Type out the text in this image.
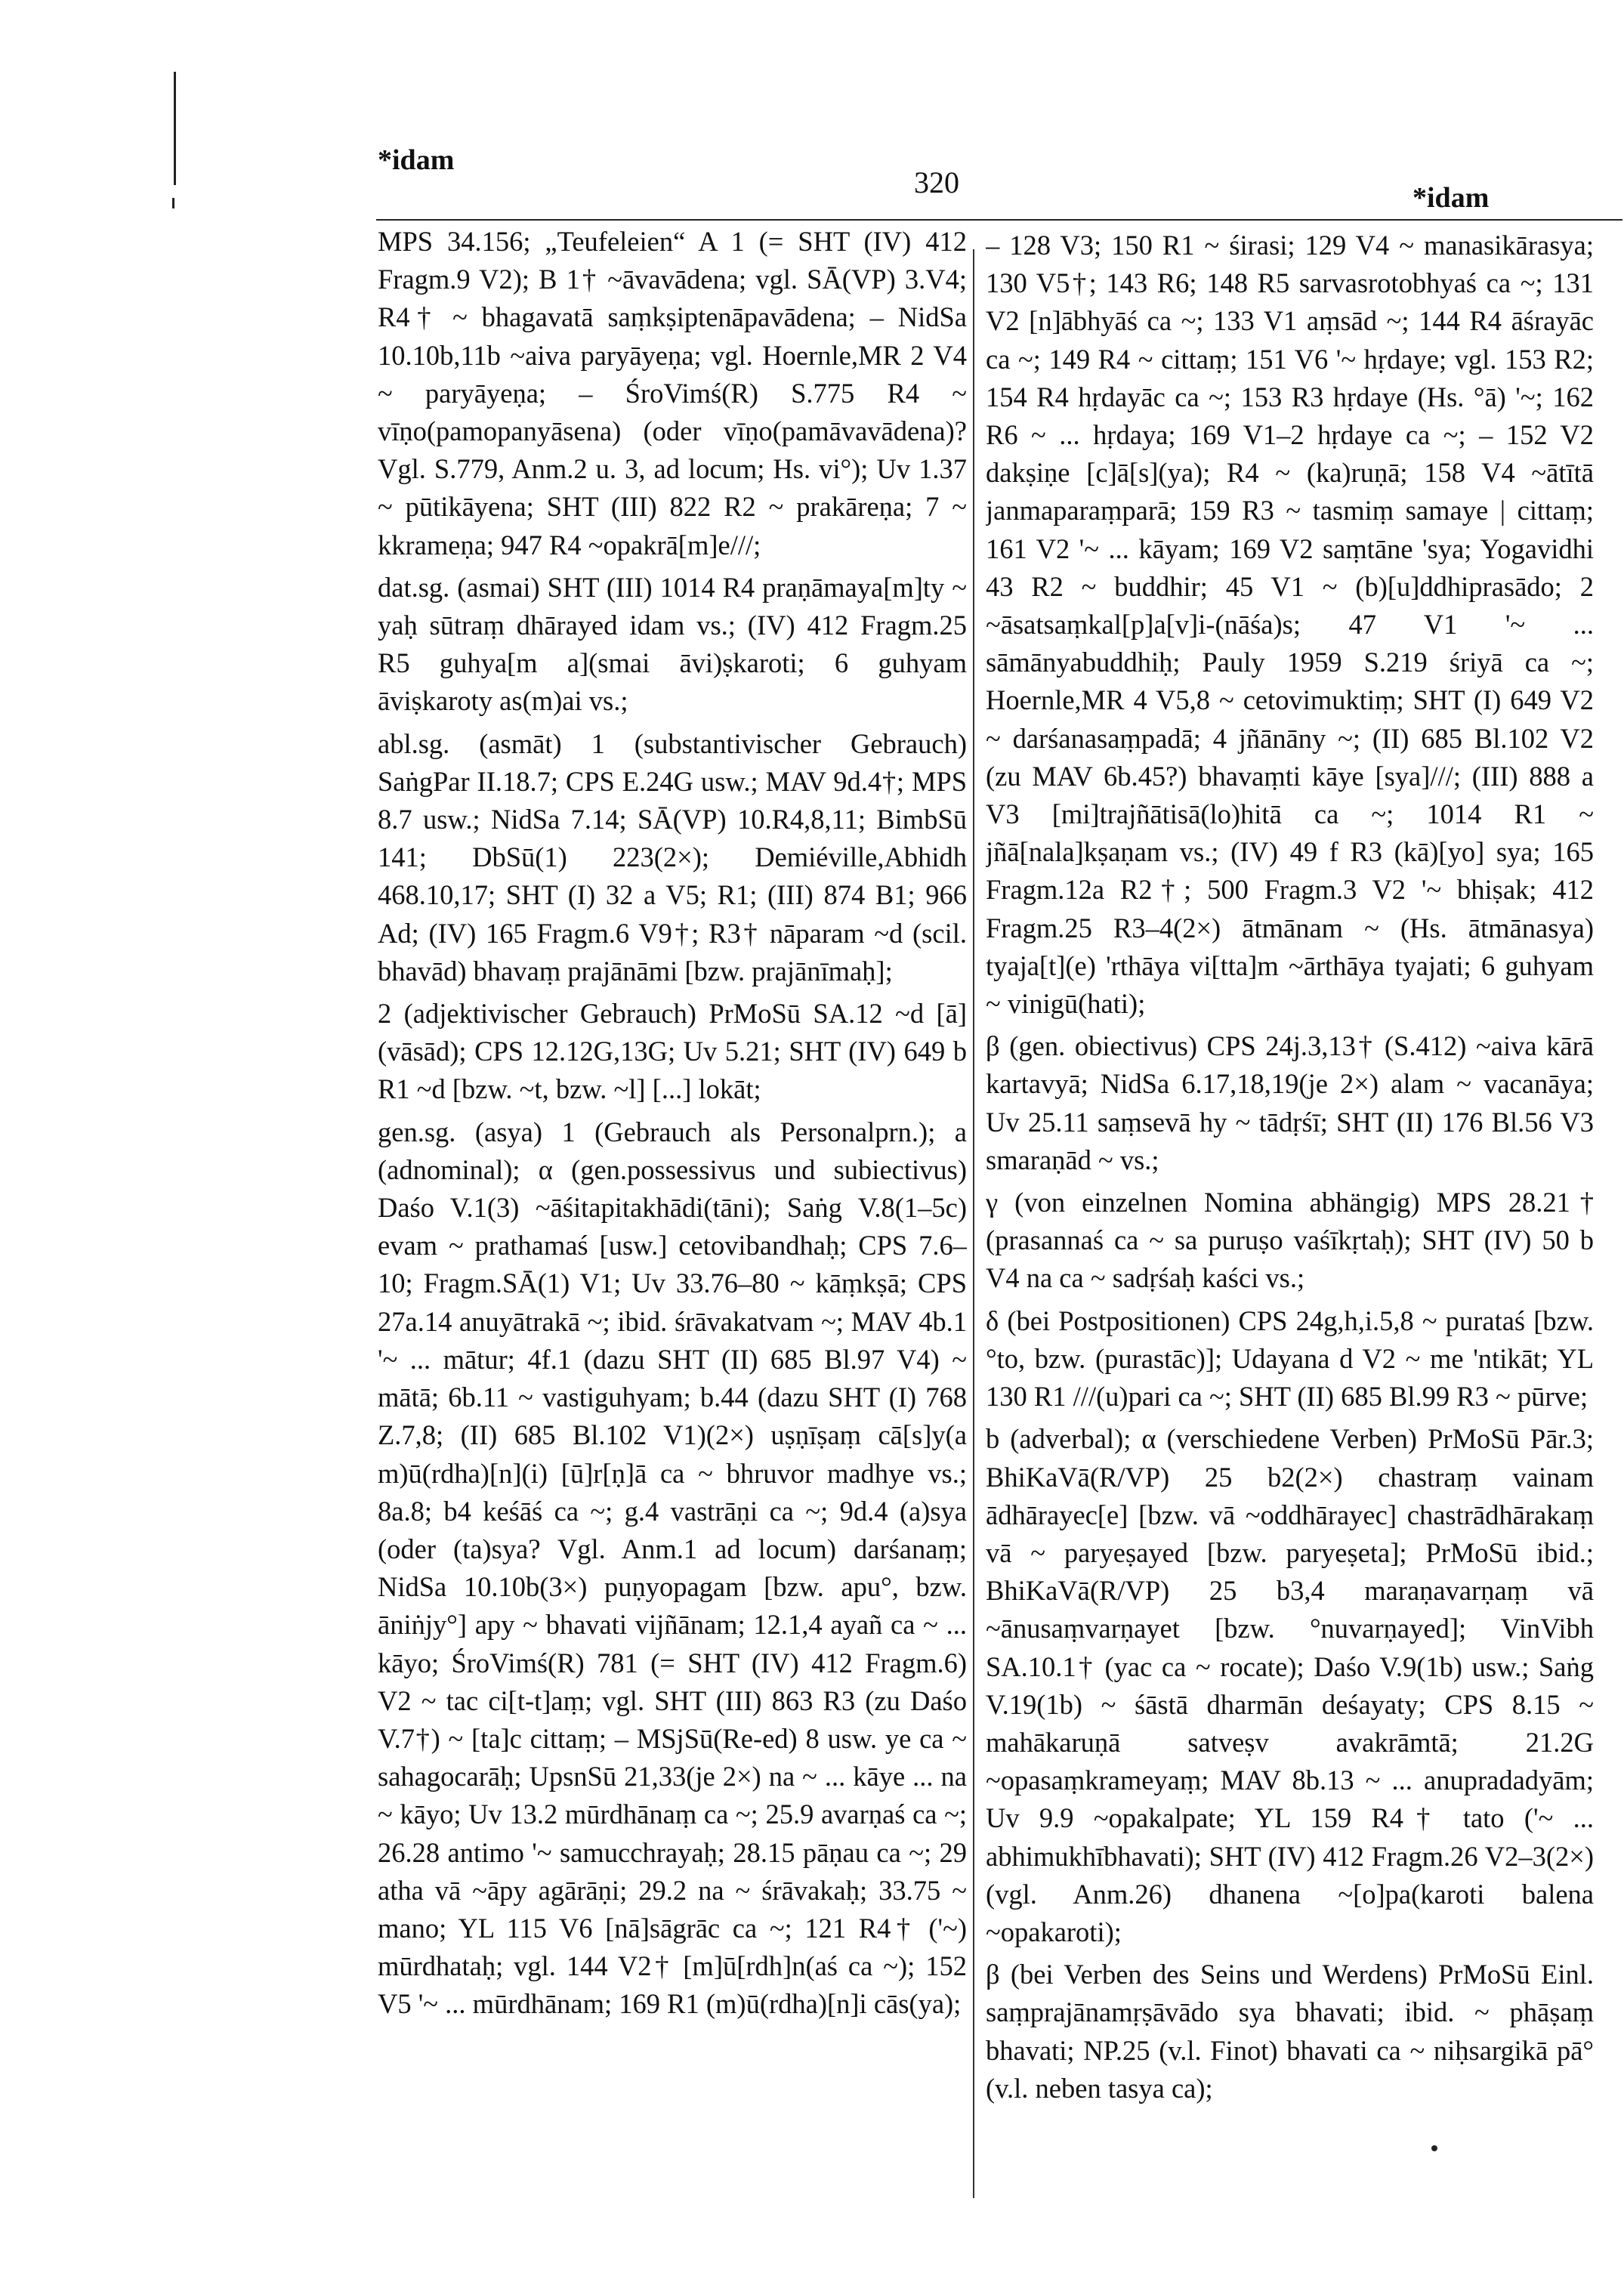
*idam
320	*idam

MPS 34.156; „Teufeleien“ A 1 (= SHT (IV) 412 Fragm.9 V2); B 1† ~āvavādena; vgl. SĀ(VP) 3.V4; R4† ~ bhagavatā saṃkṣiptenāpavādena; – NidSa 10.10b,11b ~aiva paryāyeṇa; vgl. Hoernle,MR 2 V4 ~ paryāyeṇa; – ŚroVimś(R) S.775 R4 ~ vīṇo(pamopanyāsena) (oder vīṇo(pamāvavādena)? Vgl. S.779, Anm.2 u. 3, ad locum; Hs. vi°); Uv 1.37 ~ pūtikāyena; SHT (III) 822 R2 ~ prakāreṇa; 7 ~ kkrameṇa; 947 R4 ~opakrā[m]e///;

dat.sg. (asmai) SHT (III) 1014 R4 praṇāmaya[m]ty ~ yaḥ sūtraṃ dhārayed idam vs.; (IV) 412 Fragm.25 R5 guhya[m a](smai āvi)ṣkaroti; 6 guhyam āviṣkaroty as(m)ai vs.;

abl.sg. (asmāt) 1 (substantivischer Gebrauch) SaṅgPar II.18.7; CPS E.24G usw.; MAV 9d.4†; MPS 8.7 usw.; NidSa 7.14; SĀ(VP) 10.R4,8,11; BimbSū 141; DbSū(1) 223(2×); Demiéville,Abhidh 468.10,17; SHT (I) 32 a V5; R1; (III) 874 B1; 966 Ad; (IV) 165 Fragm.6 V9†; R3† nāparam ~d (scil. bhavād) bhavaṃ prajānāmi [bzw. prajānīmaḥ];

2 (adjektivischer Gebrauch) PrMoSū SA.12 ~d [ā](vāsād); CPS 12.12G,13G; Uv 5.21; SHT (IV) 649 b R1 ~d [bzw. ~t, bzw. ~l] [...] lokāt;

gen.sg. (asya) 1 (Gebrauch als Personalprn.); a (adnominal); α (gen.possessivus und subiectivus) Daśo V.1(3) ~āśitapitakhādi(tāni); Saṅg V.8(1–5c) evam ~ prathamaś [usw.] cetovibandhaḥ; CPS 7.6–10; Fragm.SĀ(1) V1; Uv 33.76–80 ~ kāṃkṣā; CPS 27a.14 anuyātrakā ~; ibid. śrāvakatvam ~; MAV 4b.1 '~ ... mātur; 4f.1 (dazu SHT (II) 685 Bl.97 V4) ~ mātā; 6b.11 ~ vastiguhyam; b.44 (dazu SHT (I) 768 Z.7,8; (II) 685 Bl.102 V1)(2×) uṣṇīṣaṃ cā[s]y(a m)ū(rdha)[n](i) [ū]r[ṇ]ā ca ~ bhruvor madhye vs.; 8a.8; b4 keśāś ca ~; g.4 vastrāṇi ca ~; 9d.4 (a)sya (oder (ta)sya? Vgl. Anm.1 ad locum) darśanaṃ; NidSa 10.10b(3×) puṇyopagam [bzw. apu°, bzw. āniṅjy°] apy ~ bhavati vijñānam; 12.1,4 ayañ ca ~ ... kāyo; ŚroVimś(R) 781 (= SHT (IV) 412 Fragm.6) V2 ~ tac ci[t-t]aṃ; vgl. SHT (III) 863 R3 (zu Daśo V.7†) ~ [ta]c cittaṃ; – MSjSū(Re-ed) 8 usw. ye ca ~ sahagocarāḥ; UpsnSū 21,33(je 2×) na ~ ... kāye ... na ~ kāyo; Uv 13.2 mūrdhānaṃ ca ~; 25.9 avarṇaś ca ~; 26.28 antimo '~ samucchrayaḥ; 28.15 pāṇau ca ~; 29 atha vā ~āpy agārāṇi; 29.2 na ~ śrāvakaḥ; 33.75 ~ mano; YL 115 V6 [nā]sāgrāc ca ~; 121 R4† ('~) mūrdhataḥ; vgl. 144 V2† [m]ū[rdh]n(aś ca ~); 152 V5 '~ ... mūrdhānam; 169 R1 (m)ū(rdha)[n]i cās(ya);

– 128 V3; 150 R1 ~ śirasi; 129 V4 ~ manasikārasya; 130 V5†; 143 R6; 148 R5 sarvasrotobhyaś ca ~; 131 V2 [n]ābhyāś ca ~; 133 V1 aṃsād ~; 144 R4 āśrayāc ca ~; 149 R4 ~ cittaṃ; 151 V6 '~ hṛdaye; vgl. 153 R2; 154 R4 hṛdayāc ca ~; 153 R3 hṛdaye (Hs. °ā) '~; 162 R6 ~ ... hṛdaya; 169 V1–2 hṛdaye ca ~; – 152 V2 dakṣiṇe [c]ā[s](ya); R4 ~ (ka)ruṇā; 158 V4 ~ātītā janmaparaṃparā; 159 R3 ~ tasmiṃ samaye | cittaṃ; 161 V2 '~ ... kāyam; 169 V2 saṃtāne 'sya; Yogavidhi 43 R2 ~ buddhir; 45 V1 ~ (b)[u]ddhiprasādo; 2 ~āsatsaṃkal[p]a[v]i-(nāśa)s; 47 V1 '~ ... sāmānyabuddhiḥ; Pauly 1959 S.219 śriyā ca ~; Hoernle,MR 4 V5,8 ~ cetovimuktiṃ; SHT (I) 649 V2 ~ darśanasaṃpadā; 4 jñānāny ~; (II) 685 Bl.102 V2 (zu MAV 6b.45?) bhavaṃti kāye [sya]///; (III) 888 a V3 [mi]trajñātisā(lo)hitā ca ~; 1014 R1 ~ jñā[nala]kṣaṇam vs.; (IV) 49 f R3 (kā)[yo] sya; 165 Fragm.12a R2†; 500 Fragm.3 V2 '~ bhiṣak; 412 Fragm.25 R3–4(2×) ātmānam ~ (Hs. ātmānasya) tyaja[t](e) 'rthāya vi[tta]m ~ārthāya tyajati; 6 guhyam ~ vinigū(hati);

β (gen. obiectivus) CPS 24j.3,13† (S.412) ~aiva kārā kartavyā; NidSa 6.17,18,19(je 2×) alam ~ vacanāya; Uv 25.11 saṃsevā hy ~ tādṛśī; SHT (II) 176 Bl.56 V3 smaraṇād ~ vs.;

γ (von einzelnen Nomina abhängig) MPS 28.21† (prasannaś ca ~ sa puruṣo vaśīkṛtaḥ); SHT (IV) 50 b V4 na ca ~ sadṛśaḥ kaści vs.;

δ (bei Postpositionen) CPS 24g,h,i.5,8 ~ purataś [bzw. °to, bzw. (purastāc)]; Udayana d V2 ~ me 'ntikāt; YL 130 R1 ///(u)pari ca ~; SHT (II) 685 Bl.99 R3 ~ pūrve;

b (adverbal); α (verschiedene Verben) PrMoSū Pār.3; BhiKaVā(R/VP) 25 b2(2×) chastraṃ vainam ādhārayec[e] [bzw. vā ~oddhārayec] chastrādhārakaṃ vā ~ paryeṣayed [bzw. paryeṣeta]; PrMoSū ibid.; BhiKaVā(R/VP) 25 b3,4 maraṇavarṇaṃ vā ~ānusaṃvarṇayet [bzw. °nuvarṇayed]; VinVibh SA.10.1† (yac ca ~ rocate); Daśo V.9(1b) usw.; Saṅg V.19(1b) ~ śāstā dharmān deśayaty; CPS 8.15 ~ mahākaruṇā satveṣv avakrāmtā; 21.2G ~opasaṃkrameyaṃ; MAV 8b.13 ~ ... anupradadyām; Uv 9.9 ~opakalpate; YL 159 R4† tato ('~ ... abhimukhībhavati); SHT (IV) 412 Fragm.26 V2–3(2×) (vgl. Anm.26) dhanena ~[o]pa(karoti balena ~opakaroti);

β (bei Verben des Seins und Werdens) PrMoSū Einl. saṃprajānamṛṣāvādo sya bhavati; ibid. ~ phāṣaṃ bhavati; NP.25 (v.l. Finot) bhavati ca ~ niḥsargikā pā° (v.l. neben tasya ca);
